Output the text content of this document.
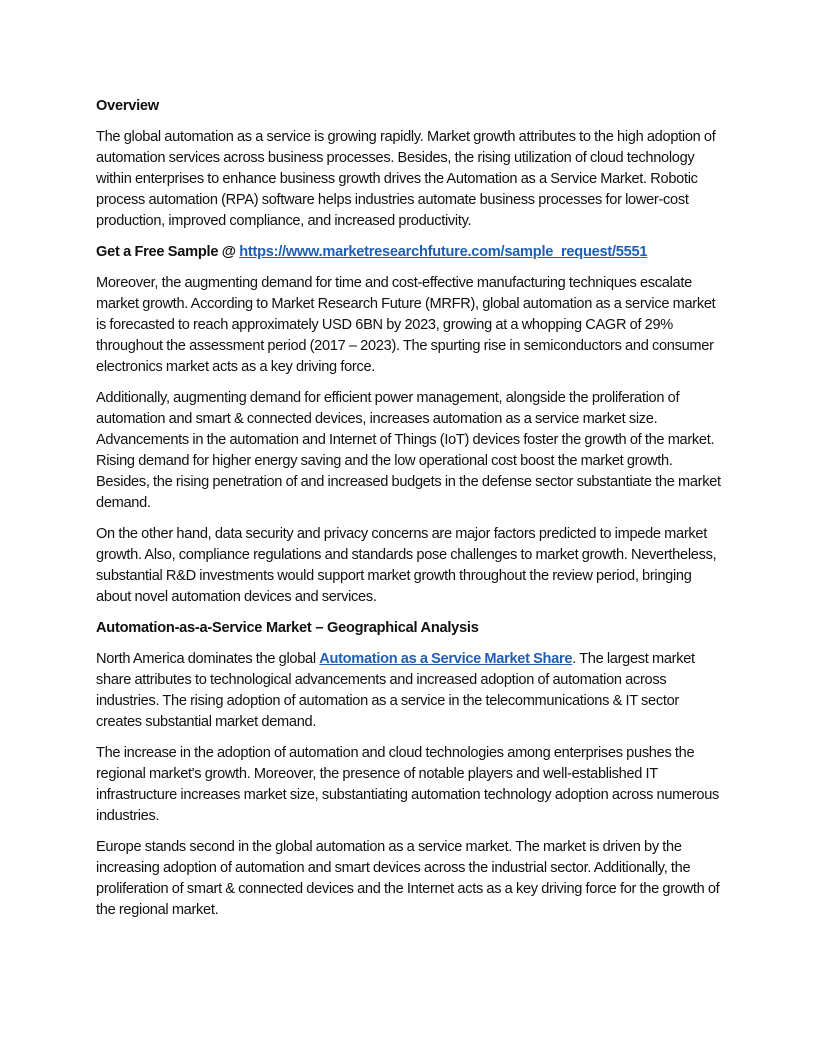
Overview

The global automation as a service is growing rapidly. Market growth attributes to the high adoption of automation services across business processes. Besides, the rising utilization of cloud technology within enterprises to enhance business growth drives the Automation as a Service Market. Robotic process automation (RPA) software helps industries automate business processes for lower-cost production, improved compliance, and increased productivity.

Get a Free Sample @ https://www.marketresearchfuture.com/sample_request/5551

Moreover, the augmenting demand for time and cost-effective manufacturing techniques escalate market growth. According to Market Research Future (MRFR), global automation as a service market is forecasted to reach approximately USD 6BN by 2023, growing at a whopping CAGR of 29% throughout the assessment period (2017 – 2023). The spurting rise in semiconductors and consumer electronics market acts as a key driving force.

Additionally, augmenting demand for efficient power management, alongside the proliferation of automation and smart & connected devices, increases automation as a service market size. Advancements in the automation and Internet of Things (IoT) devices foster the growth of the market. Rising demand for higher energy saving and the low operational cost boost the market growth. Besides, the rising penetration of and increased budgets in the defense sector substantiate the market demand.

On the other hand, data security and privacy concerns are major factors predicted to impede market growth. Also, compliance regulations and standards pose challenges to market growth. Nevertheless, substantial R&D investments would support market growth throughout the review period, bringing about novel automation devices and services.

Automation-as-a-Service Market – Geographical Analysis

North America dominates the global Automation as a Service Market Share. The largest market share attributes to technological advancements and increased adoption of automation across industries. The rising adoption of automation as a service in the telecommunications & IT sector creates substantial market demand.

The increase in the adoption of automation and cloud technologies among enterprises pushes the regional market's growth. Moreover, the presence of notable players and well-established IT infrastructure increases market size, substantiating automation technology adoption across numerous industries.

Europe stands second in the global automation as a service market. The market is driven by the increasing adoption of automation and smart devices across the industrial sector. Additionally, the proliferation of smart & connected devices and the Internet acts as a key driving force for the growth of the regional market.
